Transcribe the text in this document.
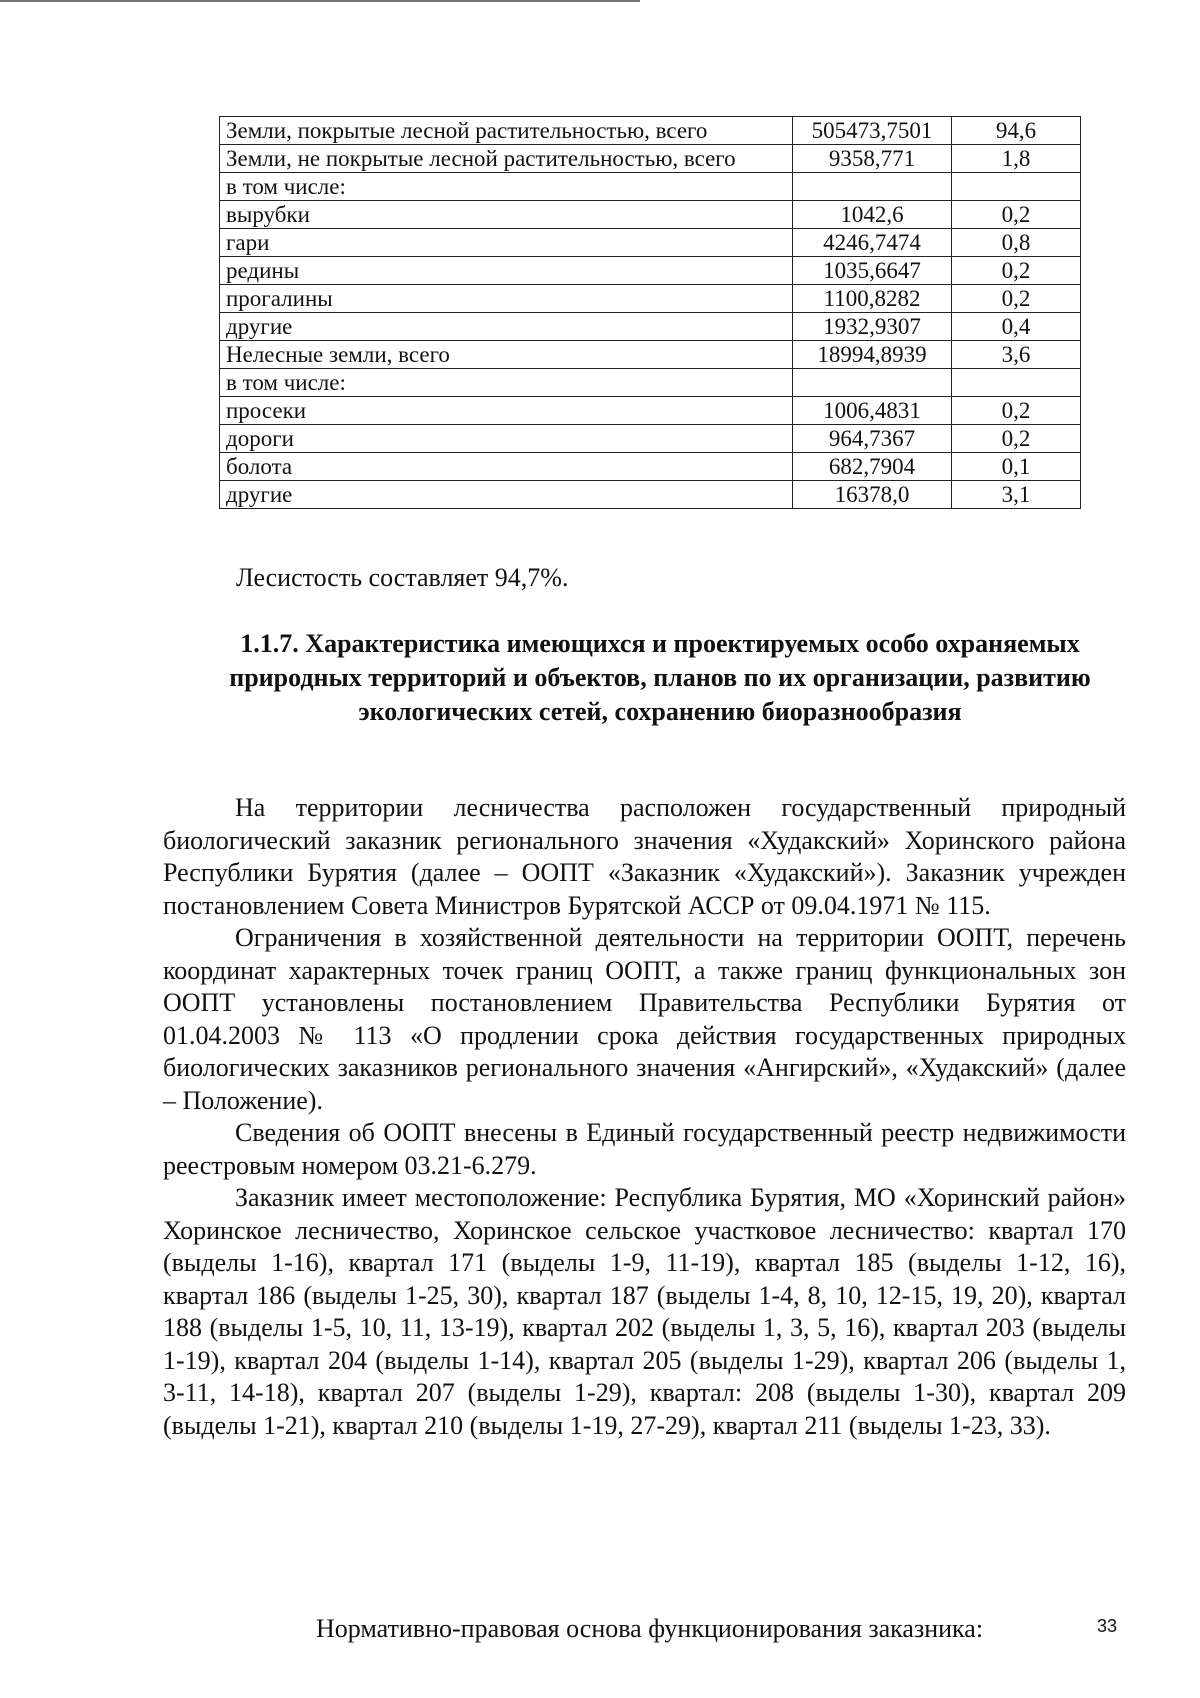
Земли, покрытые лесной растительностью, всего	505473,7501	94,6
Земли, не покрытые лесной растительностью, всего	9358,771	1,8
в том числе:		
вырубки	1042,6	0,2
гари	4246,7474	0,8
редины	1035,6647	0,2
прогалины	1100,8282	0,2
другие	1932,9307	0,4
Нелесные земли, всего	18994,8939	3,6
в том числе:		
просеки	1006,4831	0,2
дороги	964,7367	0,2
болота	682,7904	0,1
другие	16378,0	3,1
Лесистость составляет 94,7%.
1.1.7. Характеристика имеющихся и проектируемых особо охраняемых природных территорий и объектов, планов по их организации, развитию экологических сетей, сохранению биоразнообразия

На территории лесничества расположен государственный природный биологический заказник регионального значения «Худакский» Хоринского района Республики Бурятия (далее – ООПТ «Заказник «Худакский»). Заказник учрежден постановлением Совета Министров Бурятской АССР от 09.04.1971 № 115.

Ограничения в хозяйственной деятельности на территории ООПТ, перечень координат характерных точек границ ООПТ, а также границ функциональных зон ООПТ установлены постановлением Правительства Республики Бурятия от 01.04.2003 № 113 «О продлении срока действия государственных природных биологических заказников регионального значения «Ангирский», «Худакский» (далее – Положение).

Сведения об ООПТ внесены в Единый государственный реестр недвижимости реестровым номером 03.21-6.279.

Заказник имеет местоположение: Республика Бурятия, МО «Хоринский район» Хоринское лесничество, Хоринское сельское участковое лесничество: квартал 170 (выделы 1-16), квартал 171 (выделы 1-9, 11-19), квартал 185 (выделы 1-12, 16), квартал 186 (выделы 1-25, 30), квартал 187 (выделы 1-4, 8, 10, 12-15, 19, 20), квартал 188 (выделы 1-5, 10, 11, 13-19), квартал 202 (выделы 1, 3, 5, 16), квартал 203 (выделы 1-19), квартал 204 (выделы 1-14), квартал 205 (выделы 1-29), квартал 206 (выделы 1, 3-11, 14-18), квартал 207 (выделы 1-29), квартал: 208 (выделы 1-30), квартал 209 (выделы 1-21), квартал 210 (выделы 1-19, 27-29), квартал 211 (выделы 1-23, 33).

Нормативно-правовая основа функционирования заказника:	33
